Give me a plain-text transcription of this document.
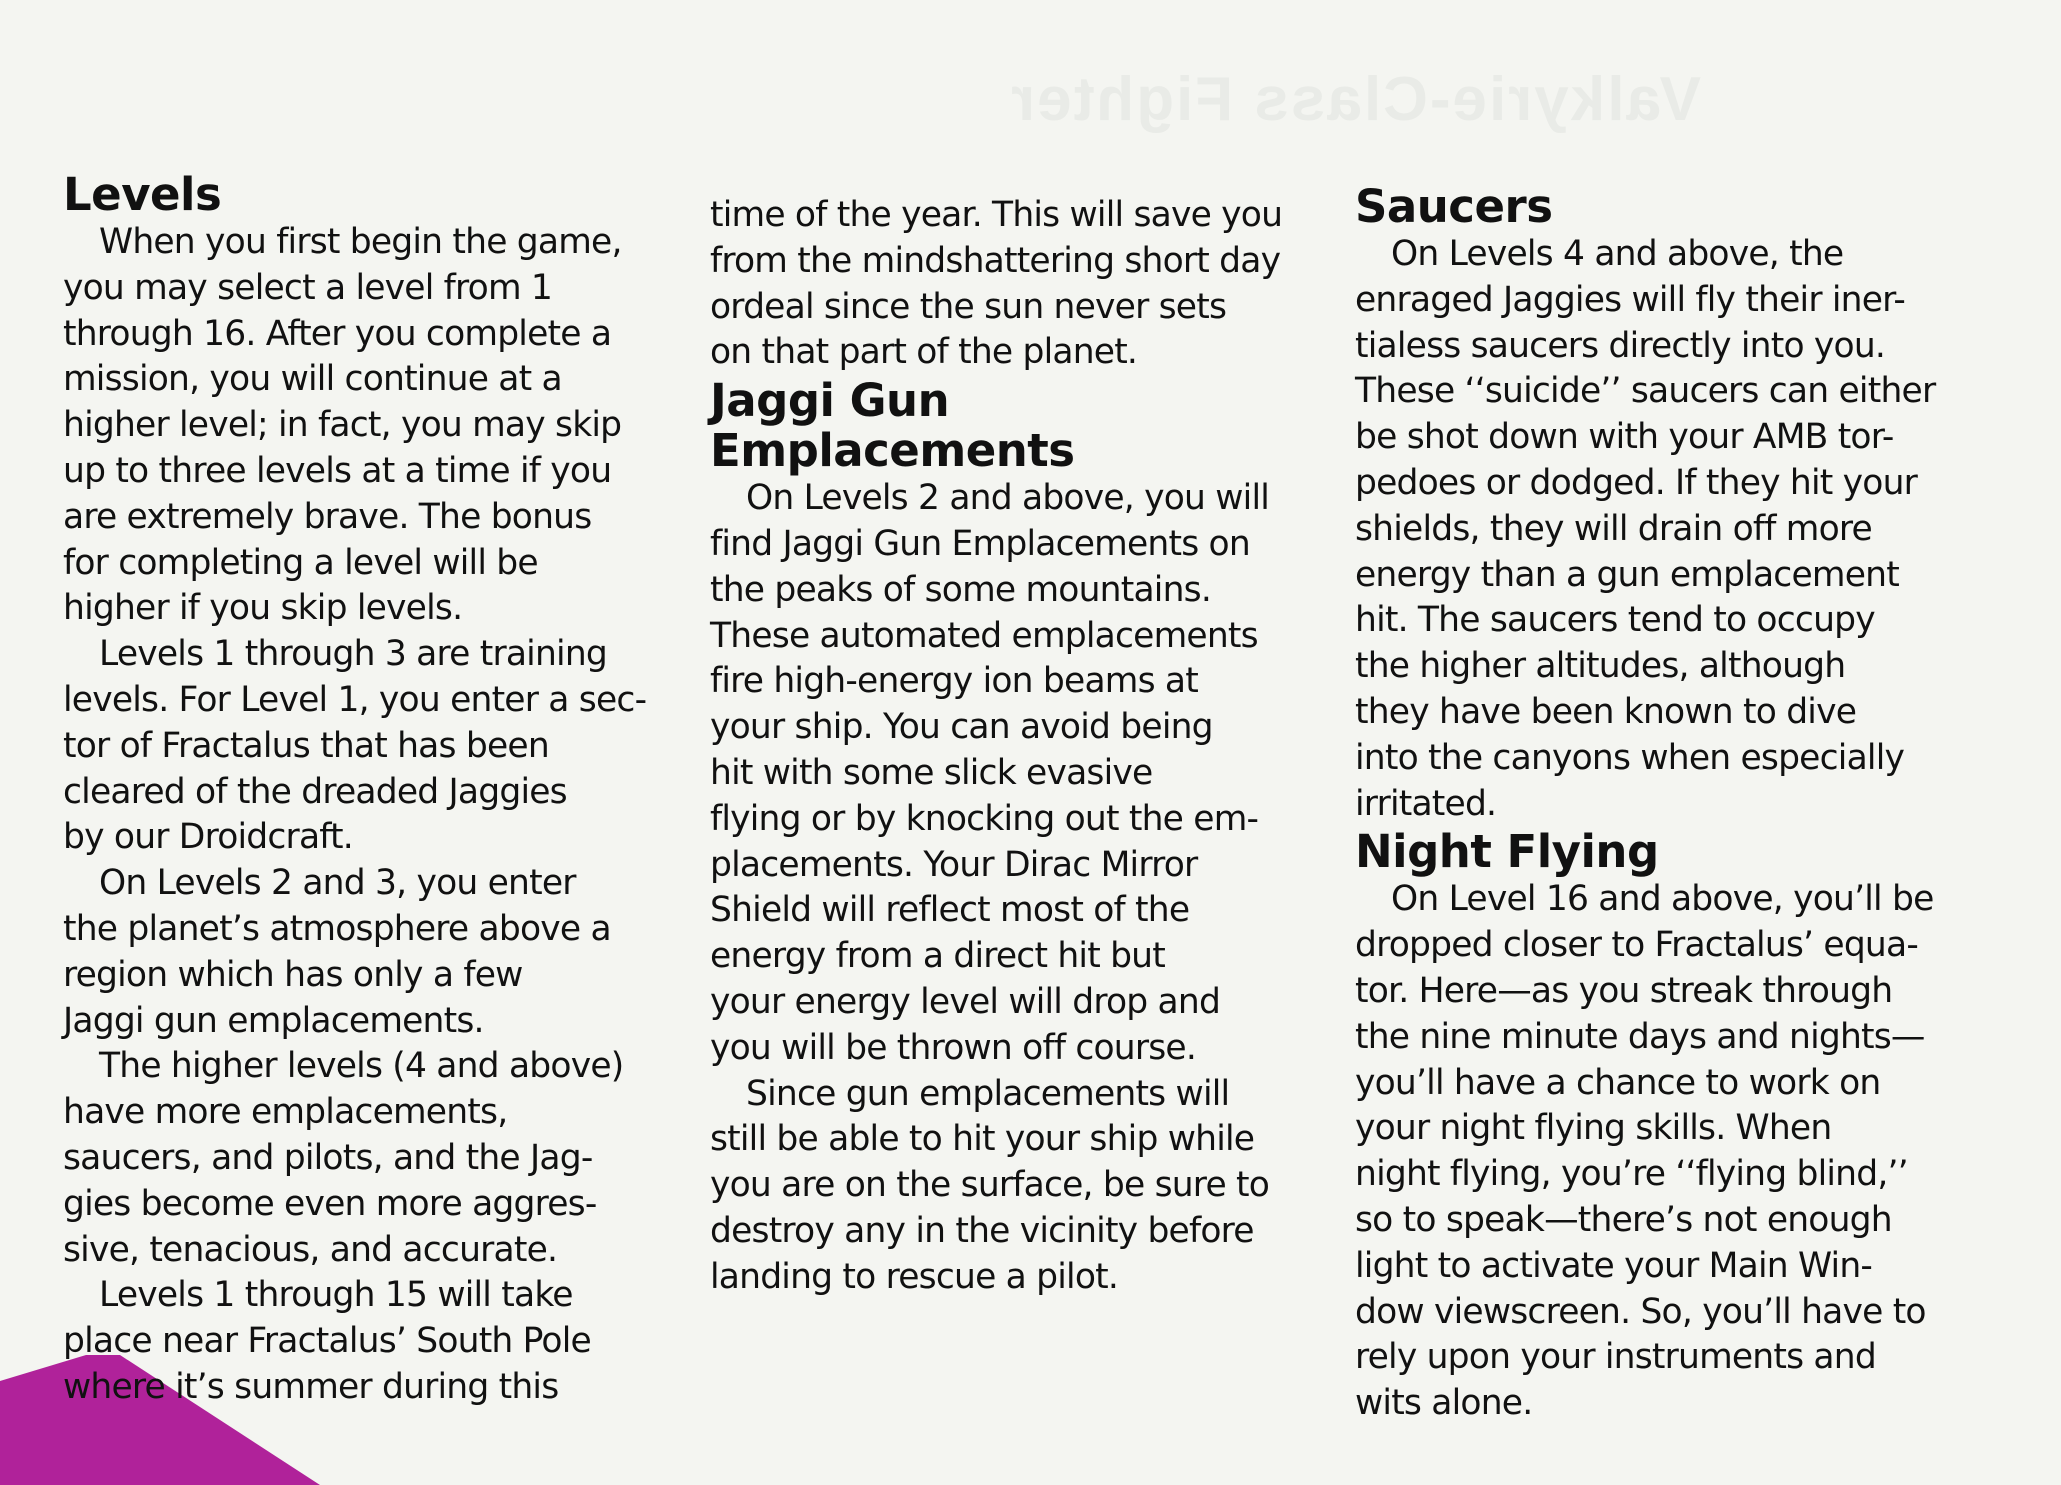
Valkyrie-Class Fighter
Levels

When you first begin the game,
you may select a level from 1
through 16. After you complete a
mission, you will continue at a
higher level; in fact, you may skip
up to three levels at a time if you
are extremely brave. The bonus
for completing a level will be
higher if you skip levels.

Levels 1 through 3 are training
levels. For Level 1, you enter a sec-
tor of Fractalus that has been
cleared of the dreaded Jaggies
by our Droidcraft.

On Levels 2 and 3, you enter
the planet’s atmosphere above a
region which has only a few
Jaggi gun emplacements.

The higher levels (4 and above)
have more emplacements,
saucers, and pilots, and the Jag-
gies become even more aggres-
sive, tenacious, and accurate.

Levels 1 through 15 will take
place near Fractalus’ South Pole
where it’s summer during this

time of the year. This will save you
from the mindshattering short day
ordeal since the sun never sets
on that part of the planet.

Jaggi Gun
Emplacements

On Levels 2 and above, you will
find Jaggi Gun Emplacements on
the peaks of some mountains.
These automated emplacements
fire high-energy ion beams at
your ship. You can avoid being
hit with some slick evasive
flying or by knocking out the em-
placements. Your Dirac Mirror
Shield will reflect most of the
energy from a direct hit but
your energy level will drop and
you will be thrown off course.

Since gun emplacements will
still be able to hit your ship while
you are on the surface, be sure to
destroy any in the vicinity before
landing to rescue a pilot.

Saucers

On Levels 4 and above, the
enraged Jaggies will fly their iner-
tialess saucers directly into you.
These ‘‘suicide’’ saucers can either
be shot down with your AMB tor-
pedoes or dodged. If they hit your
shields, they will drain off more
energy than a gun emplacement
hit. The saucers tend to occupy
the higher altitudes, although
they have been known to dive
into the canyons when especially
irritated.

Night Flying

On Level 16 and above, you’ll be
dropped closer to Fractalus’ equa-
tor. Here—as you streak through
the nine minute days and nights—
you’ll have a chance to work on
your night flying skills. When
night flying, you’re ‘‘flying blind,’’
so to speak—there’s not enough
light to activate your Main Win-
dow viewscreen. So, you’ll have to
rely upon your instruments and
wits alone.
